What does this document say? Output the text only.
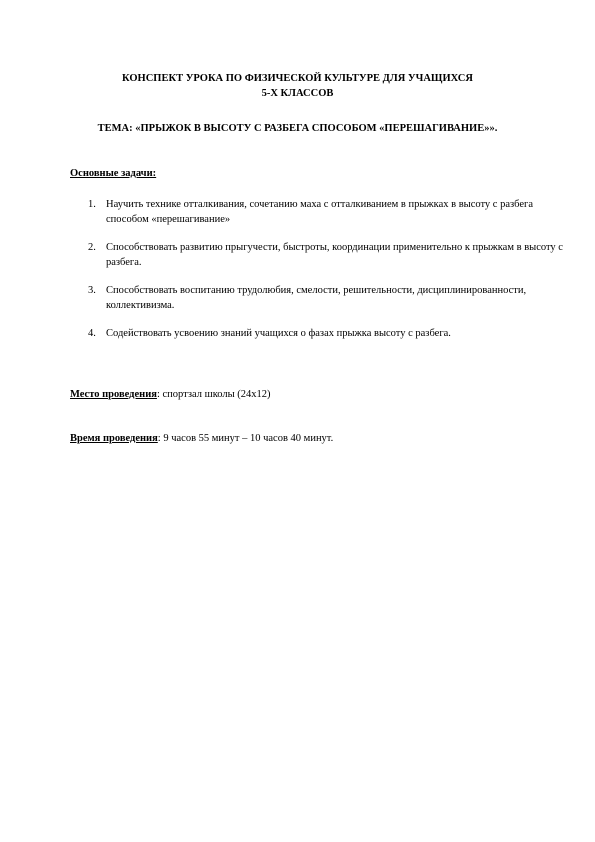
КОНСПЕКТ УРОКА ПО ФИЗИЧЕСКОЙ КУЛЬТУРЕ ДЛЯ УЧАЩИХСЯ
5-Х КЛАССОВ
ТЕМА: «ПРЫЖОК В ВЫСОТУ С РАЗБЕГА СПОСОБОМ «ПЕРЕШАГИВАНИЕ»».
Основные задачи:
1. Научить технике отталкивания, сочетанию маха с отталкиванием в прыжках в высоту с разбега способом «перешагивание»
2. Способствовать развитию прыгучести, быстроты, координации применительно к прыжкам в высоту с разбега.
3. Способствовать воспитанию трудолюбия, смелости, решительности, дисциплинированности, коллективизма.
4. Содействовать усвоению знаний учащихся о фазах прыжка высоту с разбега.
Место проведения: спортзал школы (24х12)
Время проведения: 9 часов 55 минут – 10 часов 40 минут.
